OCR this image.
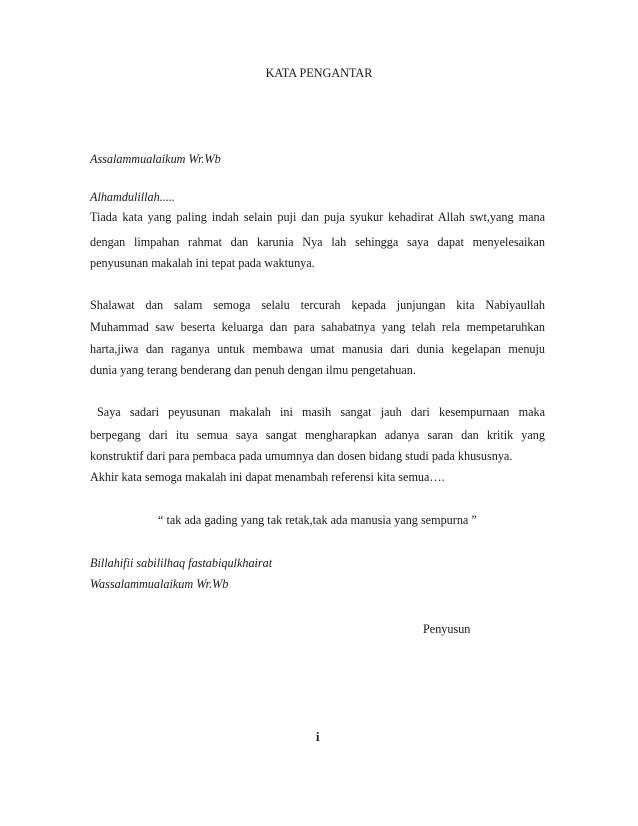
KATA PENGANTAR
Assalammualaikum Wr.Wb
Alhamdulillah.....
Tiada kata yang paling indah selain puji dan puja syukur kehadirat Allah swt,yang mana
dengan limpahan rahmat dan karunia Nya lah sehingga saya dapat menyelesaikan
penyusunan makalah ini tepat pada waktunya.
Shalawat dan salam semoga selalu tercurah kepada junjungan kita Nabiyaullah
Muhammad saw beserta keluarga dan para sahabatnya yang telah rela mempetaruhkan
harta,jiwa dan raganya untuk membawa umat manusia dari dunia kegelapan menuju
dunia yang terang benderang dan penuh dengan ilmu pengetahuan.
Saya sadari peyusunan makalah ini masih sangat jauh dari kesempurnaan maka
berpegang dari itu semua saya sangat mengharapkan adanya saran dan kritik yang
konstruktif dari para pembaca pada umumnya dan dosen bidang studi pada khususnya.
Akhir kata semoga makalah ini dapat menambah referensi kita semua….
“ tak ada gading yang tak retak,tak ada manusia yang sempurna ”
Billahifii sabililhaq fastabiqulkhairat
Wassalammualaikum Wr.Wb
Penyusun
i
